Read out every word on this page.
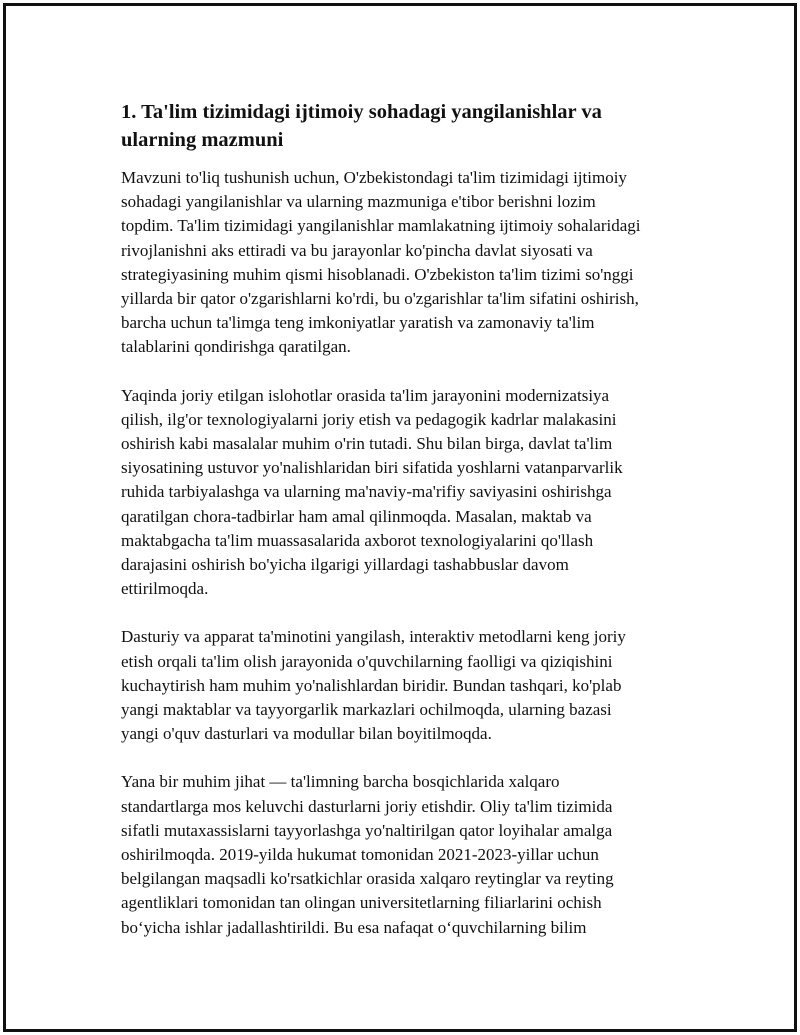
1. Ta'lim tizimidagi ijtimoiy sohadagi yangilanishlar va
ularning mazmuni

Mavzuni to'liq tushunish uchun, O'zbekistondagi ta'lim tizimidagi ijtimoiy
sohadagi yangilanishlar va ularning mazmuniga e'tibor berishni lozim
topdim. Ta'lim tizimidagi yangilanishlar mamlakatning ijtimoiy sohalaridagi
rivojlanishni aks ettiradi va bu jarayonlar ko'pincha davlat siyosati va
strategiyasining muhim qismi hisoblanadi. O'zbekiston ta'lim tizimi so'nggi
yillarda bir qator o'zgarishlarni ko'rdi, bu o'zgarishlar ta'lim sifatini oshirish,
barcha uchun ta'limga teng imkoniyatlar yaratish va zamonaviy ta'lim
talablarini qondirishga qaratilgan.

Yaqinda joriy etilgan islohotlar orasida ta'lim jarayonini modernizatsiya
qilish, ilg'or texnologiyalarni joriy etish va pedagogik kadrlar malakasini
oshirish kabi masalalar muhim o'rin tutadi. Shu bilan birga, davlat ta'lim
siyosatining ustuvor yo'nalishlaridan biri sifatida yoshlarni vatanparvarlik
ruhida tarbiyalashga va ularning ma'naviy-ma'rifiy saviyasini oshirishga
qaratilgan chora-tadbirlar ham amal qilinmoqda. Masalan, maktab va
maktabgacha ta'lim muassasalarida axborot texnologiyalarini qo'llash
darajasini oshirish bo'yicha ilgarigi yillardagi tashabbuslar davom
ettirilmoqda.

Dasturiy va apparat ta'minotini yangilash, interaktiv metodlarni keng joriy
etish orqali ta'lim olish jarayonida o'quvchilarning faolligi va qiziqishini
kuchaytirish ham muhim yo'nalishlardan biridir. Bundan tashqari, ko'plab
yangi maktablar va tayyorgarlik markazlari ochilmoqda, ularning bazasi
yangi o'quv dasturlari va modullar bilan boyitilmoqda.

Yana bir muhim jihat — ta'limning barcha bosqichlarida xalqaro
standartlarga mos keluvchi dasturlarni joriy etishdir. Oliy ta'lim tizimida
sifatli mutaxassislarni tayyorlashga yo'naltirilgan qator loyihalar amalga
oshirilmoqda. 2019-yilda hukumat tomonidan 2021-2023-yillar uchun
belgilangan maqsadli ko'rsatkichlar orasida xalqaro reytinglar va reyting
agentliklari tomonidan tan olingan universitetlarning filiarlarini ochish
bo‘yicha ishlar jadallashtirildi. Bu esa nafaqat o‘quvchilarning bilim
